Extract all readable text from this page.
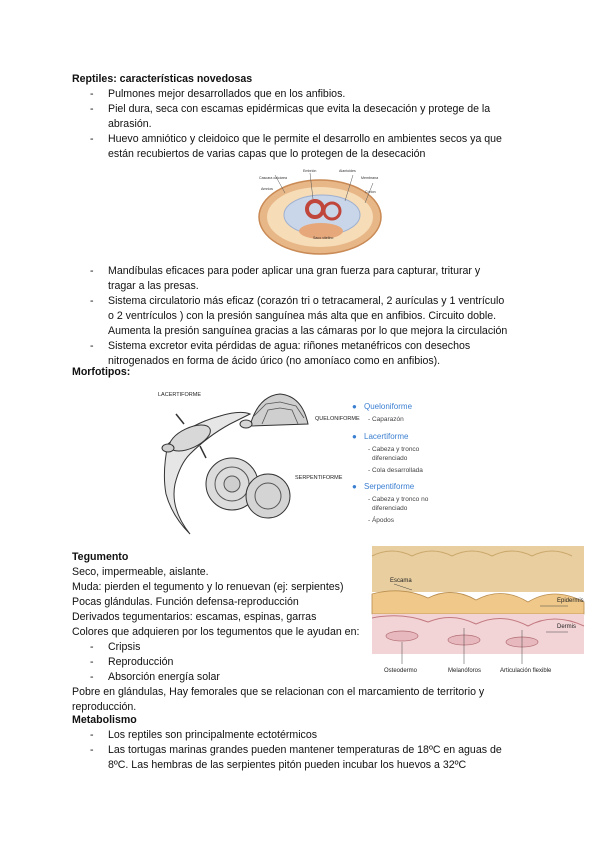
Reptiles: características novedosas
- Pulmones mejor desarrollados que en los anfibios.
- Piel dura, seca con escamas epidérmicas que evita la desecación y protege de la
abrasión.
- Huevo amniótico y cleidoico que le permite el desarrollo en ambientes secos ya que
están recubiertos de varias capas que lo protegen de la desecación
Cascara calcárea
Amnios
Embrión	Alantoides
Membrana
Corion
Saco vitelino
- Mandíbulas eficaces para poder aplicar una gran fuerza para capturar, triturar y
tragar a las presas.
- Sistema circulatorio más eficaz (corazón tri o tetracameral, 2 aurículas y 1 ventrículo
o 2 ventrículos ) con la presión sanguínea más alta que en anfibios. Circuito doble.
Aumenta la presión sanguínea gracias a las cámaras por lo que mejora la circulación
- Sistema excretor evita pérdidas de agua: riñones metanéfricos con desechos
nitrogenados en forma de ácido úrico (no amoníaco como en anfibios).
Morfotipos:
LACERTIFORME
QUELONIFORME
SERPENTIFORME
● Queloniforme
- Caparazón
● Lacertiforme
- Cabeza y tronco
diferenciado
- Cola desarrollada
● Serpentiforme
- Cabeza y tronco no
diferenciado
- Ápodos
Tegumento
Seco, impermeable, aislante.
Muda: pierden el tegumento y lo renuevan (ej: serpientes)
Pocas glándulas. Función defensa-reproducción
Derivados tegumentarios: escamas, espinas, garras
Colores que adquieren por los tegumentos que le ayudan en:
- Cripsis
- Reproducción
- Absorción energía solar
Pobre en glándulas, Hay femorales que se relacionan con el marcamiento de territorio y
reproducción.
Escama
Epidermis
Dermis
Osteodermo	Melanóforos	Articulación flexible
Metabolismo
- Los reptiles son principalmente ectotérmicos
- Las tortugas marinas grandes pueden mantener temperaturas de 18ºC en aguas de
8ºC. Las hembras de las serpientes pitón pueden incubar los huevos a 32ºC
